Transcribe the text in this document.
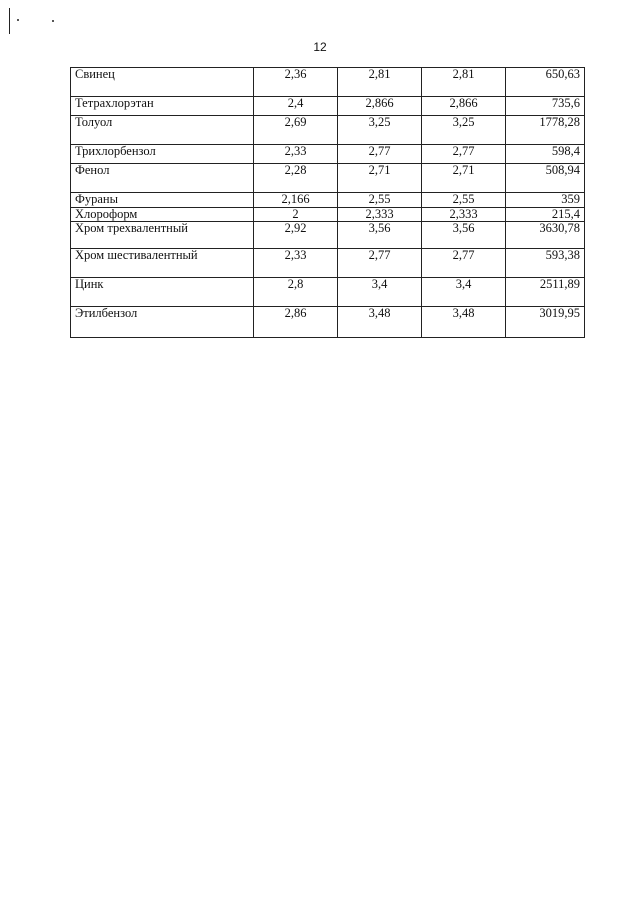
12
Свинец	2,36	2,81	2,81	650,63
Тетрахлорэтан	2,4	2,866	2,866	735,6
Толуол	2,69	3,25	3,25	1778,28
Трихлорбензол	2,33	2,77	2,77	598,4
Фенол	2,28	2,71	2,71	508,94
Фураны	2,166	2,55	2,55	359
Хлороформ	2	2,333	2,333	215,4
Хром трехвалентный	2,92	3,56	3,56	3630,78
Хром шестивалентный	2,33	2,77	2,77	593,38
Цинк	2,8	3,4	3,4	2511,89
Этилбензол	2,86	3,48	3,48	3019,95
